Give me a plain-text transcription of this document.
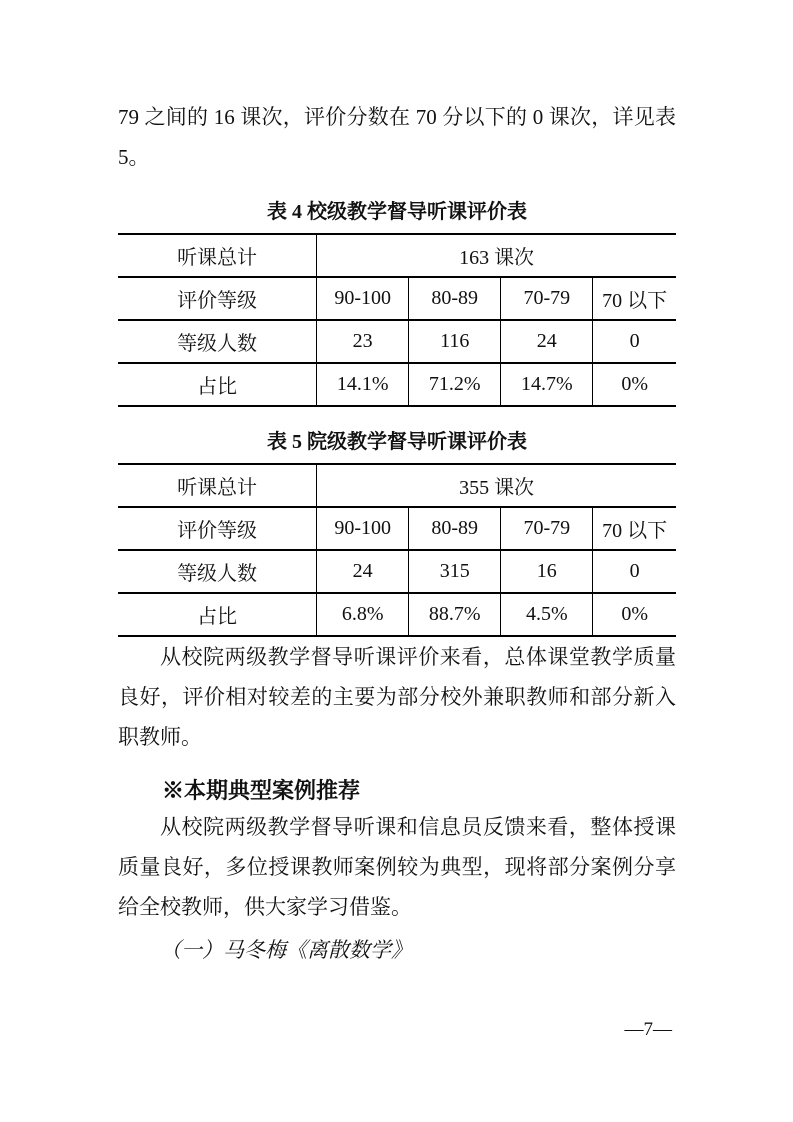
79 之间的 16 课次，评价分数在 70 分以下的 0 课次，详见表 5。

表 4 校级教学督导听课评价表
听课总计	163 课次			
评价等级	90-100	80-89	70-79	70 以下
等级人数	23	116	24	0
占比	14.1%	71.2%	14.7%	0%
表 5 院级教学督导听课评价表
听课总计	355 课次			
评价等级	90-100	80-89	70-79	70 以下
等级人数	24	315	16	0
占比	6.8%	88.7%	4.5%	0%

从校院两级教学督导听课评价来看，总体课堂教学质量良好，评价相对较差的主要为部分校外兼职教师和部分新入职教师。

※本期典型案例推荐

从校院两级教学督导听课和信息员反馈来看，整体授课质量良好，多位授课教师案例较为典型，现将部分案例分享给全校教师，供大家学习借鉴。

（一）马冬梅《离散数学》
—7—
